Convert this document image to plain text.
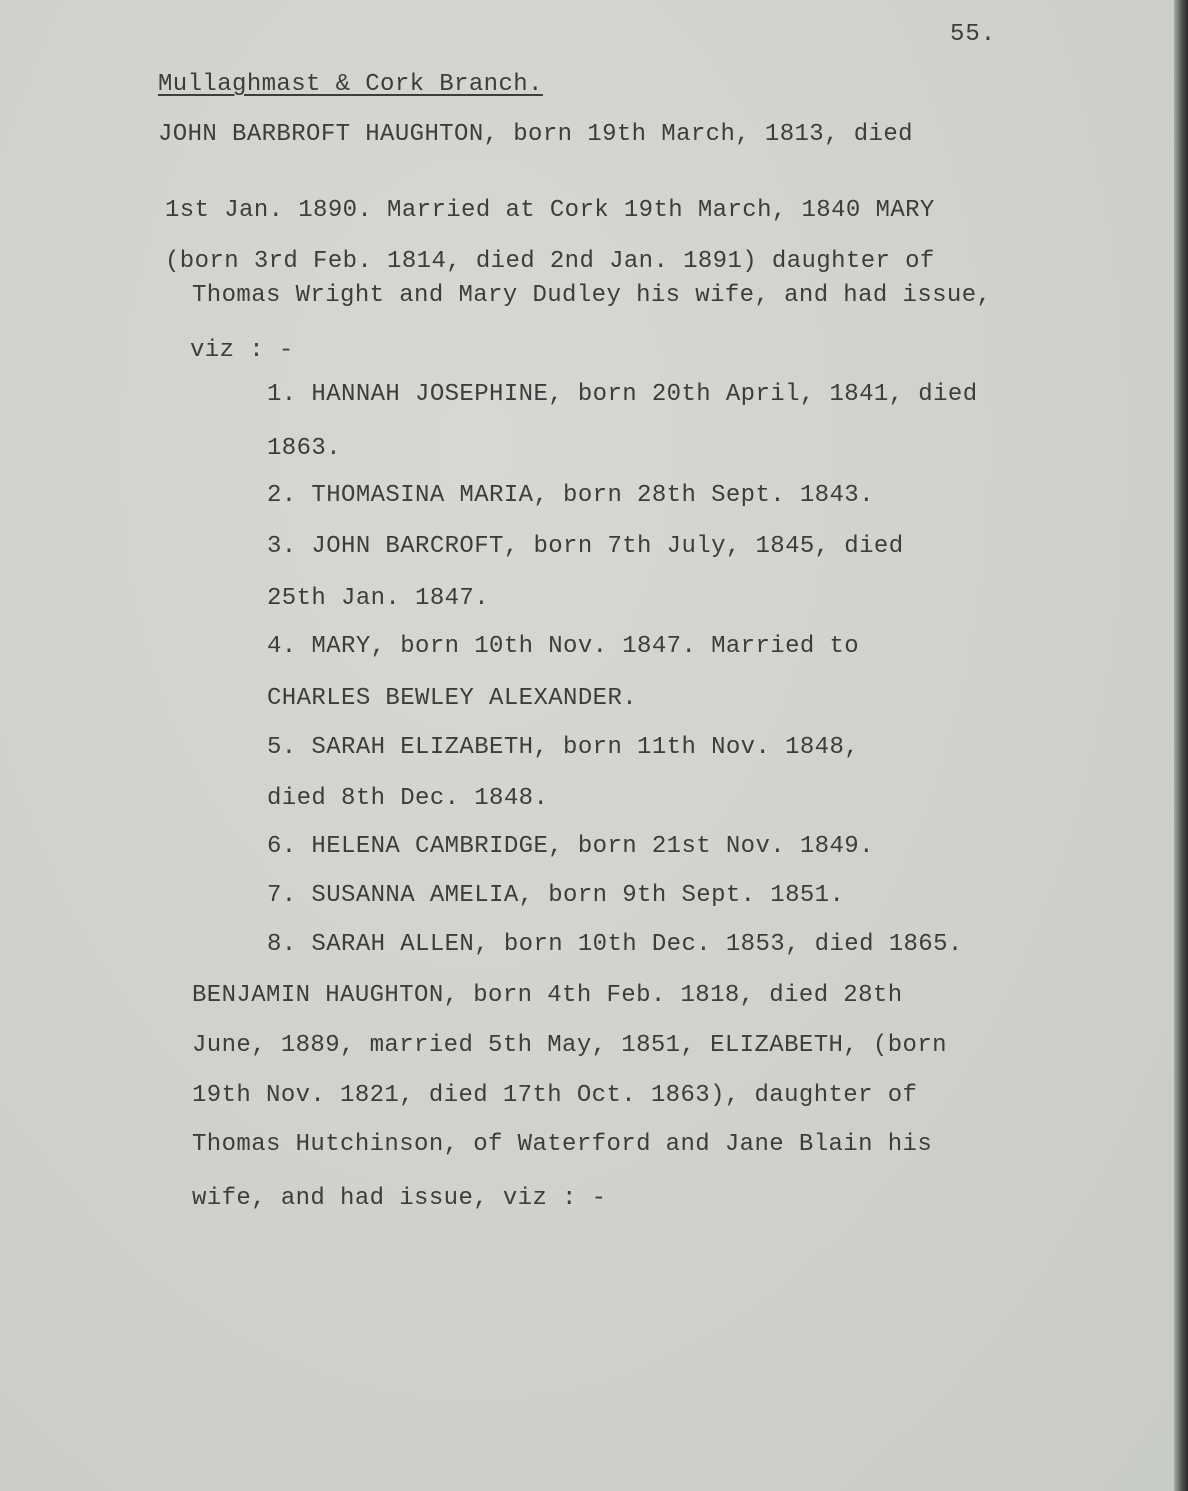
55.

Mullaghmast & Cork Branch.

JOHN BARBROFT HAUGHTON, born 19th March, 1813, died

1st Jan. 1890. Married at Cork 19th March, 1840 MARY

(born 3rd Feb. 1814, died 2nd Jan. 1891) daughter of

Thomas Wright and Mary Dudley his wife, and had issue,

viz : -

1. HANNAH JOSEPHINE, born 20th April, 1841, died

1863.

2. THOMASINA MARIA, born 28th Sept. 1843.

3. JOHN BARCROFT, born 7th July, 1845, died

25th Jan. 1847.

4. MARY, born 10th Nov. 1847. Married to

CHARLES BEWLEY ALEXANDER.

5. SARAH ELIZABETH, born 11th Nov. 1848,

died 8th Dec. 1848.

6. HELENA CAMBRIDGE, born 21st Nov. 1849.

7. SUSANNA AMELIA, born 9th Sept. 1851.

8. SARAH ALLEN, born 10th Dec. 1853, died 1865.

BENJAMIN HAUGHTON, born 4th Feb. 1818, died 28th

June, 1889, married 5th May, 1851, ELIZABETH, (born

19th Nov. 1821, died 17th Oct. 1863), daughter of

Thomas Hutchinson, of Waterford and Jane Blain his

wife, and had issue, viz : -
